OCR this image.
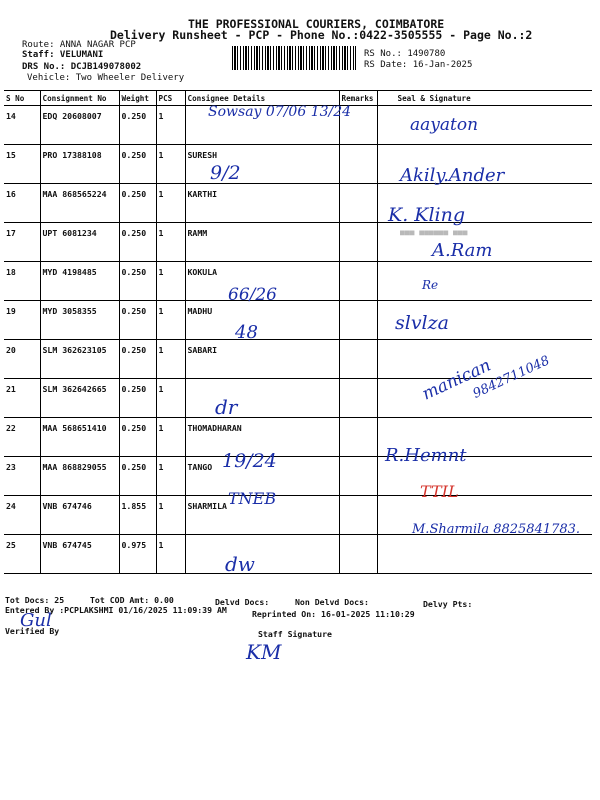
THE PROFESSIONAL COURIERS, COIMBATORE
Delivery Runsheet - PCP - Phone No.:0422-3505555 - Page No.:2
Route: ANNA NAGAR PCP
Staff: VELUMANI
DRS No.: DCJB149078002
Vehicle: Two Wheeler Delivery
RS No.: 1490780
RS Date: 16-Jan-2025
S No	Consignment No	Weight	PCS	Consignee Details	Remarks	Seal & Signature
14	EDQ 20608007	0.250	1			
15	PRO 17388108	0.250	1	SURESH		
16	MAA 868565224	0.250	1	KARTHI		
17	UPT 6081234	0.250	1	RAMM		
18	MYD 4198485	0.250	1	KOKULA		
19	MYD 3058355	0.250	1	MADHU		
20	SLM 362623105	0.250	1	SABARI		
21	SLM 362642665	0.250	1			
22	MAA 568651410	0.250	1	THOMADHARAN		
23	MAA 868829055	0.250	1	TANGO		
24	VNB 674746	1.855	1	SHARMILA		
25	VNB 674745	0.975	1			
Sowsay 07/06 13/24
9/2
66/26
48
dr
19/24
TNEB
dw
aayaton
Akily.Ander
K. Kling
■■■ ■■■■■■ ■■■
A.Ram
Re
slvlza
manican
9842711048
R.Hemnt
TTIL
M.Sharmila 8825841783.
Tot Docs: 25	Tot COD Amt: 0.00	Delvd Docs:	Non Delvd Docs:	Delvy Pts:
Entered By :PCPLAKSHMI 01/16/2025 11:09:39 AM	Reprinted On: 16-01-2025 11:10:29
Verified By	Staff Signature
Gul
KM
